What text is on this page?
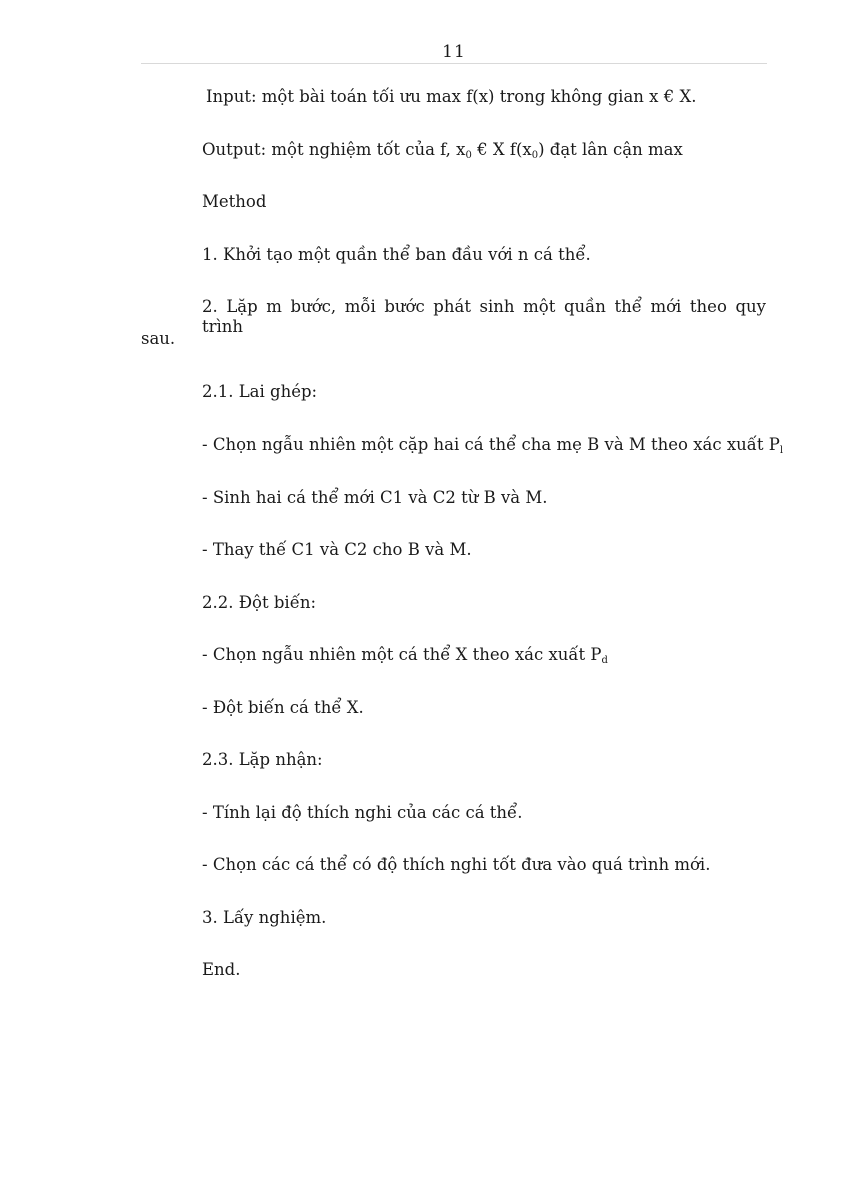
11
Input: một bài toán tối ưu max f(x) trong không gian x € X.
Output: một nghiệm tốt của f, $x_0$ € X $f(x_0)$ đạt lân cận max
Method
1. Khởi tạo một quần thể ban đầu với n cá thể.
2. Lặp m bước, mỗi bước phát sinh một quần thể mới theo quy trình
sau.
2.1. Lai ghép:
- Chọn ngẫu nhiên một cặp hai cá thể cha mẹ B và M theo xác xuất $P_l$
- Sinh hai cá thể mới C1 và C2 từ B và M.
- Thay thế C1 và C2 cho B và M.
2.2. Đột biến:
- Chọn ngẫu nhiên một cá thể X theo xác xuất $P_d$
- Đột biến cá thể X.
2.3. Lặp nhận:
- Tính lại độ thích nghi của các cá thể.
- Chọn các cá thể có độ thích nghi tốt đưa vào quá trình mới.
3. Lấy nghiệm.
End.
